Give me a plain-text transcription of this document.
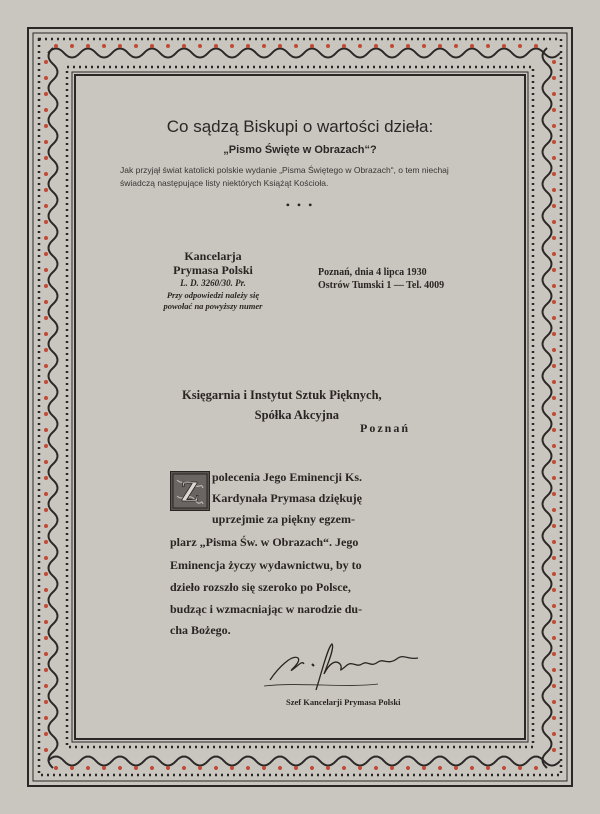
Co sądzą Biskupi o wartości dzieła:
„Pismo Święte w Obrazach“?
Jak przyjął świat katolicki polskie wydanie „Pisma Świętego w Obrazach“, o tem niechaj
świadczą następujące listy niektórych Książąt Kościoła.
• • •
Kancelarja
Prymasa Polski
L. D. 3260/30. Pr.
Przy odpowiedzi należy się
powołać na powyższy numer
Poznań, dnia 4 lipca 1930
Ostrów Tumski 1 — Tel. 4009
Księgarnia i Instytut Sztuk Pięknych,
Spółka Akcyjna
Poznań
Z polecenia Jego Eminencji Ks.
Kardynała Prymasa dziękuję
uprzejmie za piękny egzem-
plarz „Pisma Św. w Obrazach“. Jego
Eminencja życzy wydawnictwu, by to
dzieło rozszło się szeroko po Polsce,
budząc i wzmacniając w narodzie du-
cha Bożego.
Szef Kancelarji Prymasa Polski
